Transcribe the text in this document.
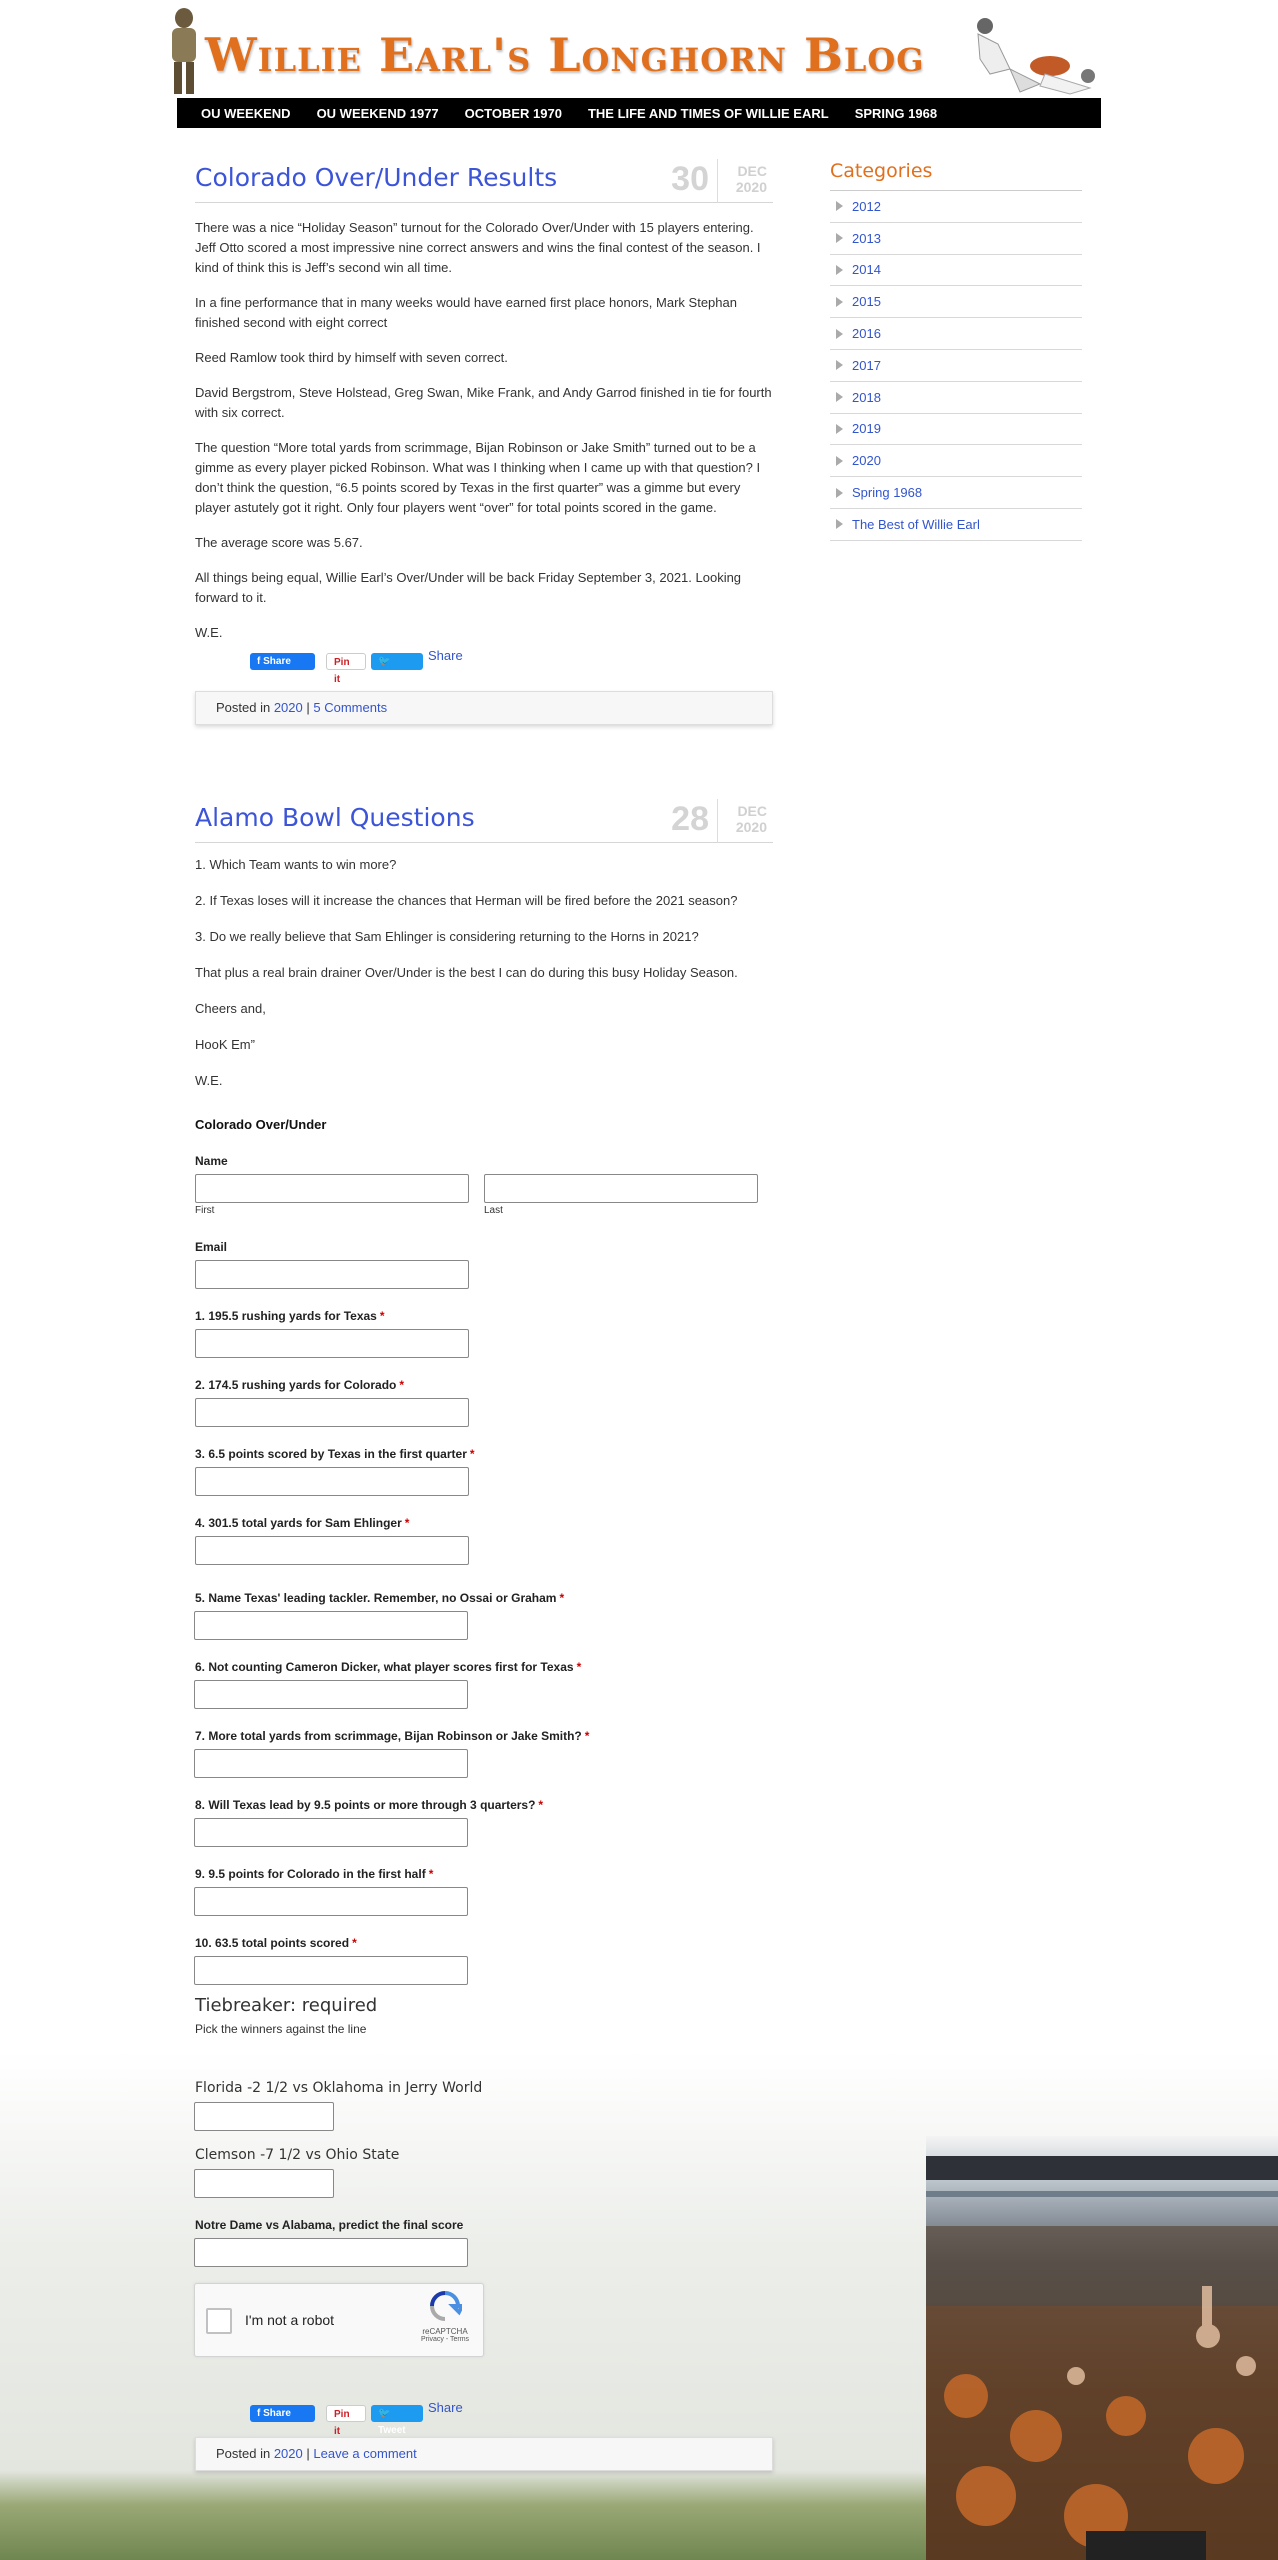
Willie Earl's Longhorn Blog
OU WEEKEND OU WEEKEND 1977 OCTOBER 1970 THE LIFE AND TIMES OF WILLIE EARL SPRING 1968
Colorado Over/Under Results	30	DEC
2020

There was a nice “Holiday Season” turnout for the Colorado Over/Under with 15 players entering. Jeff Otto scored a most impressive nine correct answers and wins the final contest of the season. I kind of think this is Jeff’s second win all time.

In a fine performance that in many weeks would have earned first place honors, Mark Stephan finished second with eight correct

Reed Ramlow took third by himself with seven correct.

David Bergstrom, Steve Holstead, Greg Swan, Mike Frank, and Andy Garrod finished in tie for fourth with six correct.

The question “More total yards from scrimmage, Bijan Robinson or Jake Smith” turned out to be a gimme as every player picked Robinson. What was I thinking when I came up with that question? I don’t think the question, “6.5 points scored by Texas in the first quarter” was a gimme but every player astutely got it right. Only four players went “over” for total points scored in the game.

The average score was 5.67.

All things being equal, Willie Earl’s Over/Under will be back Friday September 3, 2021. Looking forward to it.

W.E.

f Share	Pin it
🐦 Tweet
Share
Posted in 2020 | 5 Comments
Alamo Bowl Questions	28	DEC
2020

1. Which Team wants to win more?

2. If Texas loses will it increase the chances that Herman will be fired before the 2021 season?

3. Do we really believe that Sam Ehlinger is considering returning to the Horns in 2021?

That plus a real brain drainer Over/Under is the best I can do during this busy Holiday Season.

Cheers and,

HooK Em”

W.E.

Colorado Over/Under
Name
First	Last
Email
1. 195.5 rushing yards for Texas *
2. 174.5 rushing yards for Colorado *
3. 6.5 points scored by Texas in the first quarter *
4. 301.5 total yards for Sam Ehlinger *
5. Name Texas' leading tackler. Remember, no Ossai or Graham *
6. Not counting Cameron Dicker, what player scores first for Texas *
7. More total yards from scrimmage, Bijan Robinson or Jake Smith? *
8. Will Texas lead by 9.5 points or more through 3 quarters? *
9. 9.5 points for Colorado in the first half *
10. 63.5 total points scored *
Tiebreaker: required
Pick the winners against the line
Florida -2 1/2 vs Oklahoma in Jerry World
Clemson -7 1/2 vs Ohio State
Notre Dame vs Alabama, predict the final score
I'm not a robot
reCAPTCHA
Privacy - Terms
f Share	Pin it
🐦 Tweet
Share
Posted in 2020 | Leave a comment
Categories
2012
2013
2014
2015
2016
2017
2018
2019
2020
Spring 1968
The Best of Willie Earl
